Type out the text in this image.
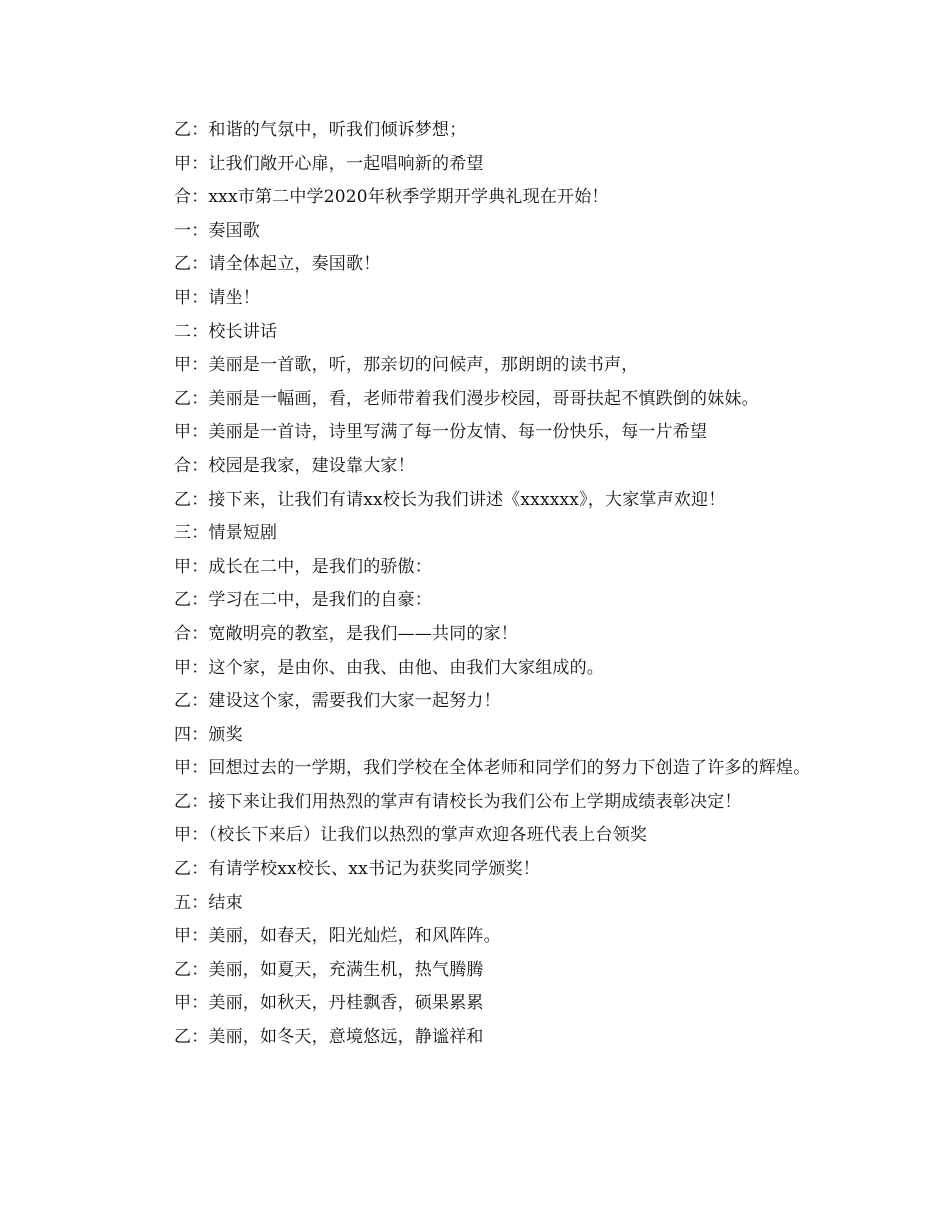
乙：和谐的气氛中，听我们倾诉梦想；

甲：让我们敞开心扉，一起唱响新的希望

合：xxx市第二中学2020年秋季学期开学典礼现在开始！

一：奏国歌

乙：请全体起立，奏国歌！

甲：请坐！

二：校长讲话

甲：美丽是一首歌，听，那亲切的问候声，那朗朗的读书声，

乙：美丽是一幅画，看，老师带着我们漫步校园，哥哥扶起不慎跌倒的妹妹。

甲：美丽是一首诗，诗里写满了每一份友情、每一份快乐，每一片希望

合：校园是我家，建设靠大家！

乙：接下来，让我们有请xx校长为我们讲述《xxxxxx》，大家掌声欢迎！

三：情景短剧

甲：成长在二中，是我们的骄傲：

乙：学习在二中，是我们的自豪：

合：宽敞明亮的教室，是我们——共同的家！

甲：这个家，是由你、由我、由他、由我们大家组成的。

乙：建设这个家，需要我们大家一起努力！

四：颁奖

甲：回想过去的一学期，我们学校在全体老师和同学们的努力下创造了许多的辉煌。

乙：接下来让我们用热烈的掌声有请校长为我们公布上学期成绩表彰决定！

甲：（校长下来后）让我们以热烈的掌声欢迎各班代表上台领奖

乙：有请学校xx校长、xx书记为获奖同学颁奖！

五：结束

甲：美丽，如春天，阳光灿烂，和风阵阵。

乙：美丽，如夏天，充满生机，热气腾腾

甲：美丽，如秋天，丹桂飘香，硕果累累

乙：美丽，如冬天，意境悠远，静谧祥和
